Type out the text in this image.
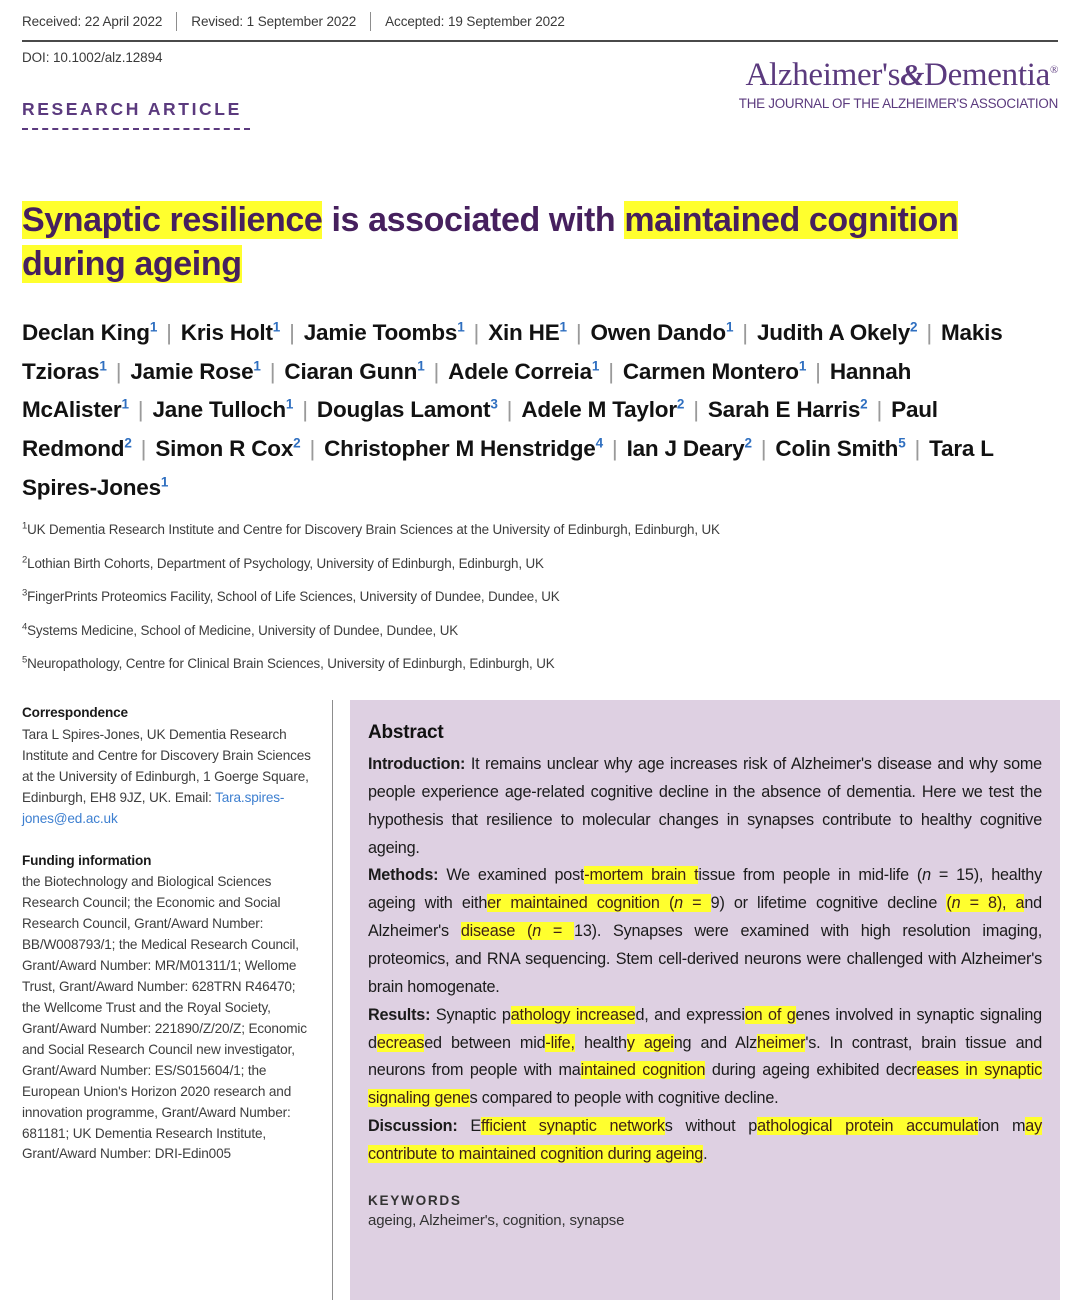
Received: 22 April 2022	Revised: 1 September 2022	Accepted: 19 September 2022
DOI: 10.1002/alz.12894	Alzheimer's&Dementia®
THE JOURNAL OF THE ALZHEIMER'S ASSOCIATION
RESEARCH ARTICLE
Synaptic resilience is associated with maintained cognition during ageing
Declan King$^1$ | Kris Holt$^1$ | Jamie Toombs$^1$ | Xin $HE^1$ | Owen Dando$^1$ | Judith A Okely$^2$ | Makis Tzioras$^1$ | Jamie Rose$^1$ | Ciaran Gunn$^1$ | Adele Correia$^1$ | Carmen Montero$^1$ | Hannah McAlister$^1$ | Jane Tulloch$^1$ | Douglas Lamont$^3$ | Adele M Taylor$^2$ | Sarah E Harris$^2$ | Paul Redmond$^2$ | Simon R Cox$^2$ | Christopher M Henstridge$^4$ | Ian J Deary$^2$ | Colin Smith$^5$ | Tara L Spires-Jones$^1$
$^1$UK Dementia Research Institute and Centre for Discovery Brain Sciences at the University of Edinburgh, Edinburgh, UK
$^2$Lothian Birth Cohorts, Department of Psychology, University of Edinburgh, Edinburgh, UK
$^3$FingerPrints Proteomics Facility, School of Life Sciences, University of Dundee, Dundee, UK
$^4$Systems Medicine, School of Medicine, University of Dundee, Dundee, UK
$^5$Neuropathology, Centre for Clinical Brain Sciences, University of Edinburgh, Edinburgh, UK
Correspondence
Tara L Spires-Jones, UK Dementia Research Institute and Centre for Discovery Brain Sciences at the University of Edinburgh, 1 Goerge Square, Edinburgh, EH8 9JZ, UK. Email: Tara.spires-jones@ed.ac.uk
Funding information
the Biotechnology and Biological Sciences Research Council; the Economic and Social Research Council, Grant/Award Number: BB/W008793/1; the Medical Research Council, Grant/Award Number: MR/M01311/1; Wellome Trust, Grant/Award Number: 628TRN R46470; the Wellcome Trust and the Royal Society, Grant/Award Number: 221890/Z/20/Z; Economic and Social Research Council new investigator, Grant/Award Number: ES/S015604/1; the European Union's Horizon 2020 research and innovation programme, Grant/Award Number: 681181; UK Dementia Research Institute, Grant/Award Number: DRI-Edin005
Abstract

Introduction: It remains unclear why age increases risk of Alzheimer's disease and why some people experience age-related cognitive decline in the absence of dementia. Here we test the hypothesis that resilience to molecular changes in synapses contribute to healthy cognitive ageing.

Methods: We examined post-mortem brain tissue from people in mid-life (n = 15), healthy ageing with either maintained cognition (n = 9) or lifetime cognitive decline (n = 8), and Alzheimer's disease (n = 13). Synapses were examined with high resolution imaging, proteomics, and RNA sequencing. Stem cell-derived neurons were challenged with Alzheimer's brain homogenate.

Results: Synaptic pathology increased, and expression of genes involved in synaptic signaling decreased between mid-life, healthy ageing and Alzheimer's. In contrast, brain tissue and neurons from people with maintained cognition during ageing exhibited decreases in synaptic signaling genes compared to people with cognitive decline.

Discussion: Efficient synaptic networks without pathological protein accumulation may contribute to maintained cognition during ageing.

KEYWORDS
ageing, Alzheimer's, cognition, synapse
